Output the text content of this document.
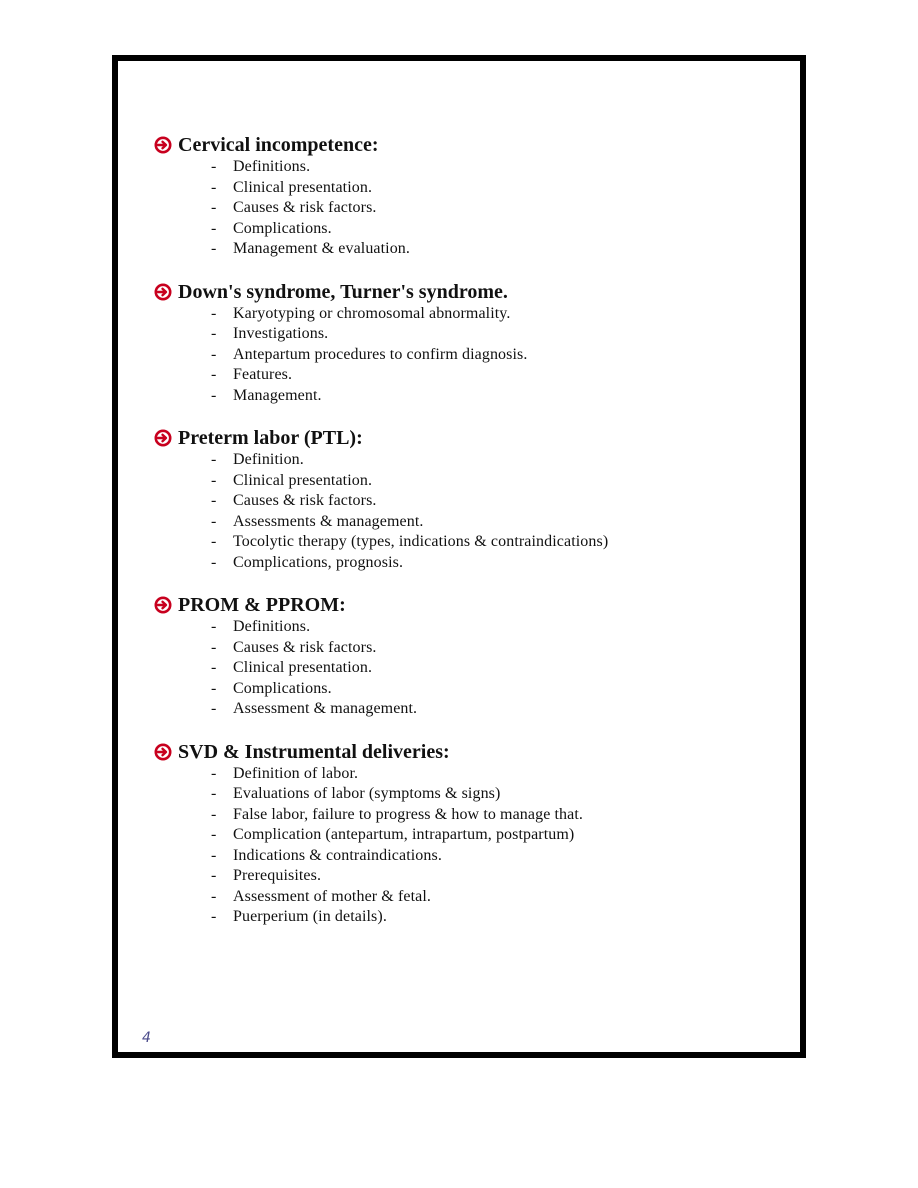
Cervical incompetence:
-	Definitions.
-	Clinical presentation.
-	Causes & risk factors.
-	Complications.
-	Management & evaluation.
Down's syndrome, Turner's syndrome.
-	Karyotyping or chromosomal abnormality.
-	Investigations.
-	Antepartum procedures to confirm diagnosis.
-	Features.
-	Management.
Preterm labor (PTL):
-	Definition.
-	Clinical presentation.
-	Causes & risk factors.
-	Assessments & management.
-	Tocolytic therapy (types, indications & contraindications)
-	Complications, prognosis.
PROM & PPROM:
-	Definitions.
-	Causes & risk factors.
-	Clinical presentation.
-	Complications.
-	Assessment & management.
SVD & Instrumental deliveries:
-	Definition of labor.
-	Evaluations of labor (symptoms & signs)
-	False labor, failure to progress & how to manage that.
-	Complication (antepartum, intrapartum, postpartum)
-	Indications & contraindications.
-	Prerequisites.
-	Assessment of mother & fetal.
-	Puerperium (in details).
4
